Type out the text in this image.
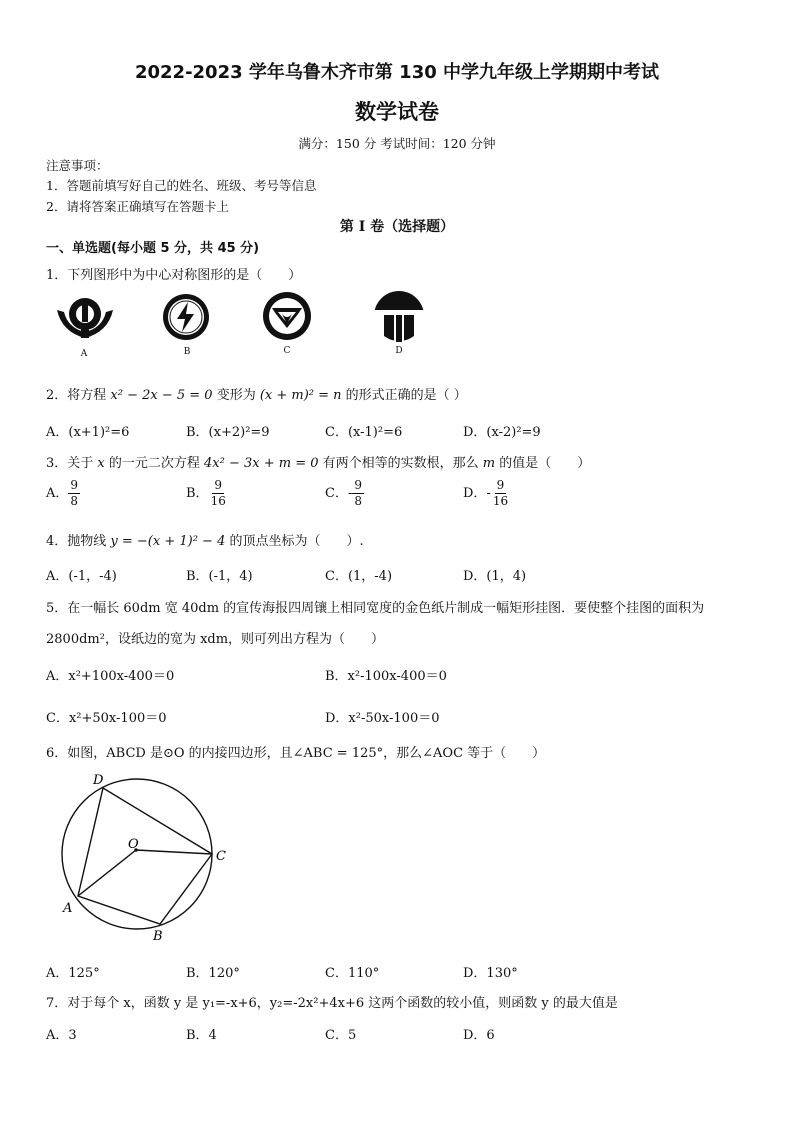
2022-2023 学年乌鲁木齐市第 130 中学九年级上学期期中考试
数学试卷
满分：150 分 考试时间：120 分钟
注意事项：
1．答题前填写好自己的姓名、班级、考号等信息
2．请将答案正确填写在答题卡上
第 I 卷（选择题）
一、单选题(每小题 5 分，共 45 分)
1．下列图形中为中心对称图形的是（　　）
A	B	C	D
2．将方程 x² − 2x − 5 = 0 变形为 (x + m)² = n 的形式正确的是（ ）
A．(x+1)²=6	B．(x+2)²=9	C．(x-1)²=6	D．(x-2)²=9
3．关于 x 的一元二次方程 4x² − 3x + m = 0 有两个相等的实数根，那么 m 的值是（　　）
A． $\frac{9}{8}$	B． $\frac{9}{16}$	C．- $\frac{9}{8}$	D．- $\frac{9}{16}$
4．抛物线 y = −(x + 1)² − 4 的顶点坐标为（　　）.
A．(-1，-4)	B．(-1，4)	C．(1，-4)	D．(1，4)
5．在一幅长 60dm 宽 40dm 的宣传海报四周镶上相同宽度的金色纸片制成一幅矩形挂图．要使整个挂图的面积为
2800dm²，设纸边的宽为 xdm，则可列出方程为（　　）
A．x²+100x-400＝0	B．x²-100x-400＝0
C．x²+50x-100＝0	D．x²-50x-100＝0
6．如图，ABCD 是⊙O 的内接四边形，且∠ABC = 125°，那么∠AOC 等于（　　）
D
O
C
A
B
A．125°	B．120°	C．110°	D．130°
7．对于每个 x，函数 y 是 y₁=-x+6，y₂=-2x²+4x+6 这两个函数的较小值，则函数 y 的最大值是
A．3	B．4	C．5	D．6
